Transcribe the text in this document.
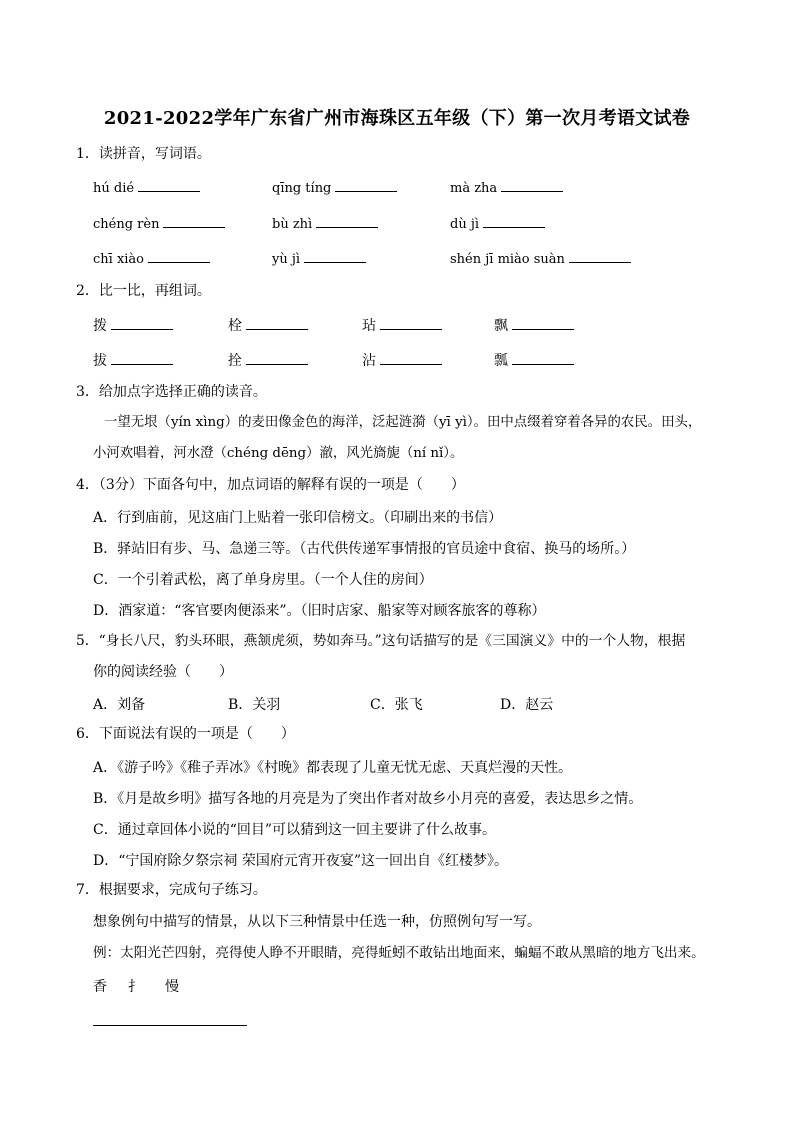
2021-2022学年广东省广州市海珠区五年级（下）第一次月考语文试卷
1．读拼音，写词语。
hú dié	qīng tíng	mà zha
chéng rèn	bù zhì	dù jì
chī xiào	yù jì	shén jī miào suàn
2．比一比，再组词。
拨	栓	玷	飘
拔	拴	沾	瓢
3．给加点字选择正确的读音。
一望无垠（yín xìng）的麦田像金色的海洋，泛起涟漪（yī yì）。田中点缀着穿着各异的农民。田头，
小河欢唱着，河水澄（chéng dēng）澈，风光旖旎（ní nǐ）。
4．（3分）下面各句中，加点词语的解释有误的一项是（　　）
A．行到庙前，见这庙门上贴着一张印信榜文。（印刷出来的书信）
B．驿站旧有步、马、急递三等。（古代供传递军事情报的官员途中食宿、换马的场所。）
C．一个引着武松，离了单身房里。（一个人住的房间）
D．酒家道：“客官要肉便添来”。（旧时店家、船家等对顾客旅客的尊称）
5．“身长八尺，豹头环眼，燕颔虎须，势如奔马。”这句话描写的是《三国演义》中的一个人物，根据
你的阅读经验（　　）
A．刘备	B．关羽	C．张飞	D．赵云
6．下面说法有误的一项是（　　）
A．《游子吟》《稚子弄冰》《村晚》都表现了儿童无忧无虑、天真烂漫的天性。
B．《月是故乡明》描写各地的月亮是为了突出作者对故乡小月亮的喜爱，表达思乡之情。
C．通过章回体小说的“回目”可以猜到这一回主要讲了什么故事。
D．“宁国府除夕祭宗祠 荣国府元宵开夜宴”这一回出自《红楼梦》。
7．根据要求，完成句子练习。
想象例句中描写的情景，从以下三种情景中任选一种，仿照例句写一写。
例：太阳光芒四射，亮得使人睁不开眼睛，亮得蚯蚓不敢钻出地面来，蝙蝠不敢从黑暗的地方飞出来。
香 扌 慢
